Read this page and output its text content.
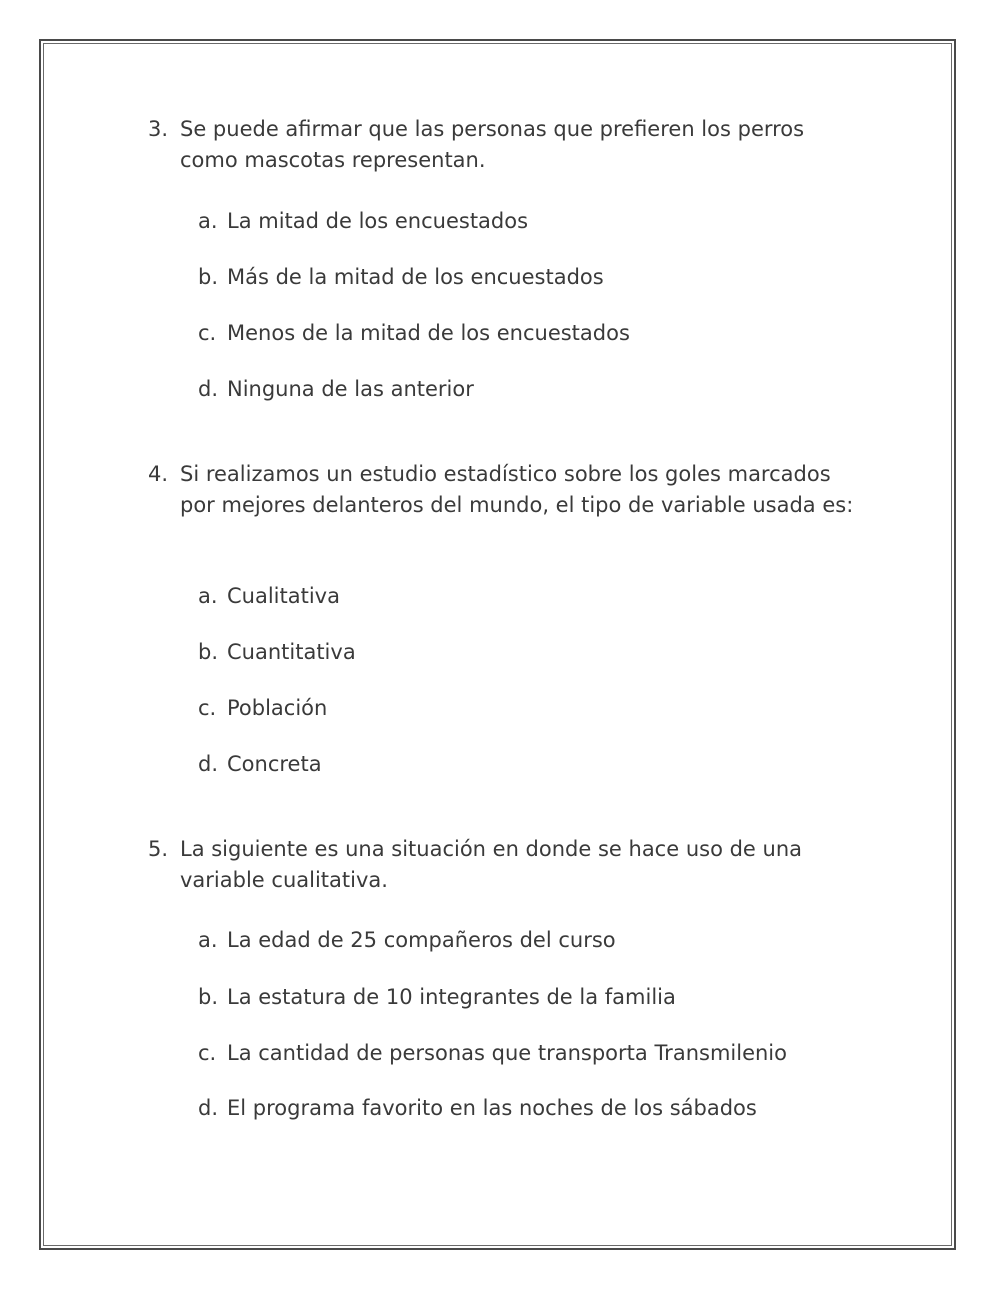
3. Se puede afirmar que las personas que prefieren los perros como mascotas representan.
a. La mitad de los encuestados
b. Más de la mitad de los encuestados
c. Menos de la mitad de los encuestados
d. Ninguna de las anterior
4. Si realizamos un estudio estadístico sobre los goles marcados por mejores delanteros del mundo, el tipo de variable usada es:
a. Cualitativa
b. Cuantitativa
c. Población
d. Concreta
5. La siguiente es una situación en donde se hace uso de una variable cualitativa.
a. La edad de 25 compañeros del curso
b. La estatura de 10 integrantes de la familia
c. La cantidad de personas que transporta Transmilenio
d. El programa favorito en las noches de los sábados
